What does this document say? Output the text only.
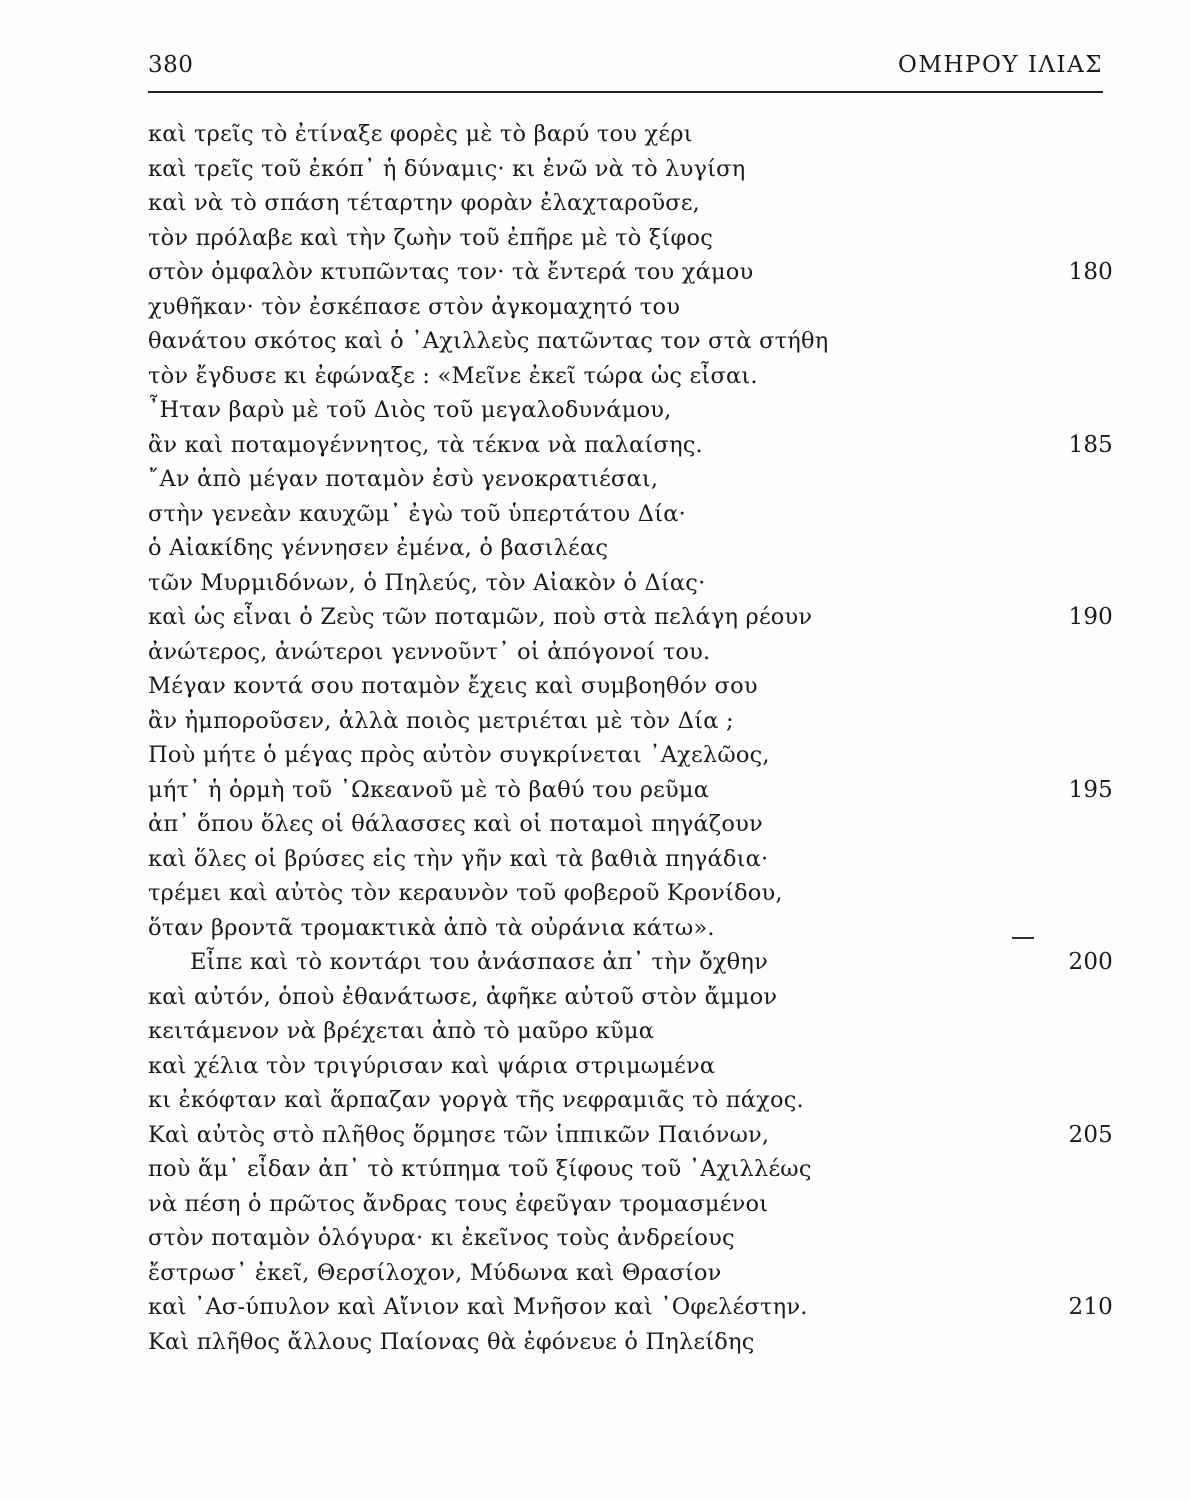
380	ΟΜΗΡΟΥ ΙΛΙΑΣ
καὶ τρεῖς τὸ ἐτίναξε φορὲς μὲ τὸ βαρύ του χέρι
καὶ τρεῖς τοῦ ἐκόπ᾽ ἡ δύναμις· κι ἐνῶ νὰ τὸ λυγίση
καὶ νὰ τὸ σπάση τέταρτην φορὰν ἐλαχταροῦσε,
τὸν πρόλαβε καὶ τὴν ζωὴν τοῦ ἐπῆρε μὲ τὸ ξίφος
στὸν ὀμφαλὸν κτυπῶντας τον· τὰ ἔντερά του χάμου	180
χυθῆκαν· τὸν ἐσκέπασε στὸν ἀγκομαχητό του
θανάτου σκότος καὶ ὁ ᾿Αχιλλεὺς πατῶντας τον στὰ στήθη
τὸν ἔγδυσε κι ἐφώναξε : «Μεῖνε ἐκεῖ τώρα ὡς εἶσαι.
῏Ηταν βαρὺ μὲ τοῦ Διὸς τοῦ μεγαλοδυνάμου,
ἂν καὶ ποταμογέννητος, τὰ τέκνα νὰ παλαίσης.	185
῎Αν ἀπὸ μέγαν ποταμὸν ἐσὺ γενοκρατιέσαι,
στὴν γενεὰν καυχῶμ᾽ ἐγὼ τοῦ ὑπερτάτου Δία·
ὁ Αἰακίδης γέννησεν ἐμένα, ὁ βασιλέας
τῶν Μυρμιδόνων, ὁ Πηλεύς, τὸν Αἰακὸν ὁ Δίας·
καὶ ὡς εἶναι ὁ Ζεὺς τῶν ποταμῶν, ποὺ στὰ πελάγη ρέουν	190
ἀνώτερος, ἀνώτεροι γεννοῦντ᾽ οἱ ἀπόγονοί του.
Μέγαν κοντά σου ποταμὸν ἔχεις καὶ συμβοηθόν σου
ἂν ἠμποροῦσεν, ἀλλὰ ποιὸς μετριέται μὲ τὸν Δία ;
Ποὺ μήτε ὁ μέγας πρὸς αὐτὸν συγκρίνεται ᾿Αχελῶος,
μήτ᾽ ἡ ὁρμὴ τοῦ ᾿Ωκεανοῦ μὲ τὸ βαθύ του ρεῦμα	195
ἀπ᾽ ὅπου ὅλες οἱ θάλασσες καὶ οἱ ποταμοὶ πηγάζουν
καὶ ὅλες οἱ βρύσες εἰς τὴν γῆν καὶ τὰ βαθιὰ πηγάδια·
τρέμει καὶ αὐτὸς τὸν κεραυνὸν τοῦ φοβεροῦ Κρονίδου,
ὅταν βροντᾶ τρομακτικὰ ἀπὸ τὰ οὐράνια κάτω».
Εἶπε καὶ τὸ κοντάρι του ἀνάσπασε ἀπ᾽ τὴν ὄχθην	200
καὶ αὐτόν, ὁποὺ ἐθανάτωσε, ἀφῆκε αὐτοῦ στὸν ἄμμον
κειτάμενον νὰ βρέχεται ἀπὸ τὸ μαῦρο κῦμα
καὶ χέλια τὸν τριγύρισαν καὶ ψάρια στριμωμένα
κι ἐκόφταν καὶ ἅρπαζαν γοργὰ τῆς νεφραμιᾶς τὸ πάχος.
Καὶ αὐτὸς στὸ πλῆθος ὅρμησε τῶν ἱππικῶν Παιόνων,	205
ποὺ ἅμ᾽ εἶδαν ἀπ᾽ τὸ κτύπημα τοῦ ξίφους τοῦ ᾿Αχιλλέως
νὰ πέση ὁ πρῶτος ἄνδρας τους ἐφεῦγαν τρομασμένοι
στὸν ποταμὸν ὁλόγυρα· κι ἐκεῖνος τοὺς ἀνδρείους
ἔστρωσ᾽ ἐκεῖ, Θερσίλοχον, Μύδωνα καὶ Θρασίον
καὶ ᾿Ασ-ύπυλον καὶ Αἴνιον καὶ Μνῆσον καὶ ᾿Οφελέστην.	210
Καὶ πλῆθος ἄλλους Παίονας θὰ ἐφόνευε ὁ Πηλείδης
